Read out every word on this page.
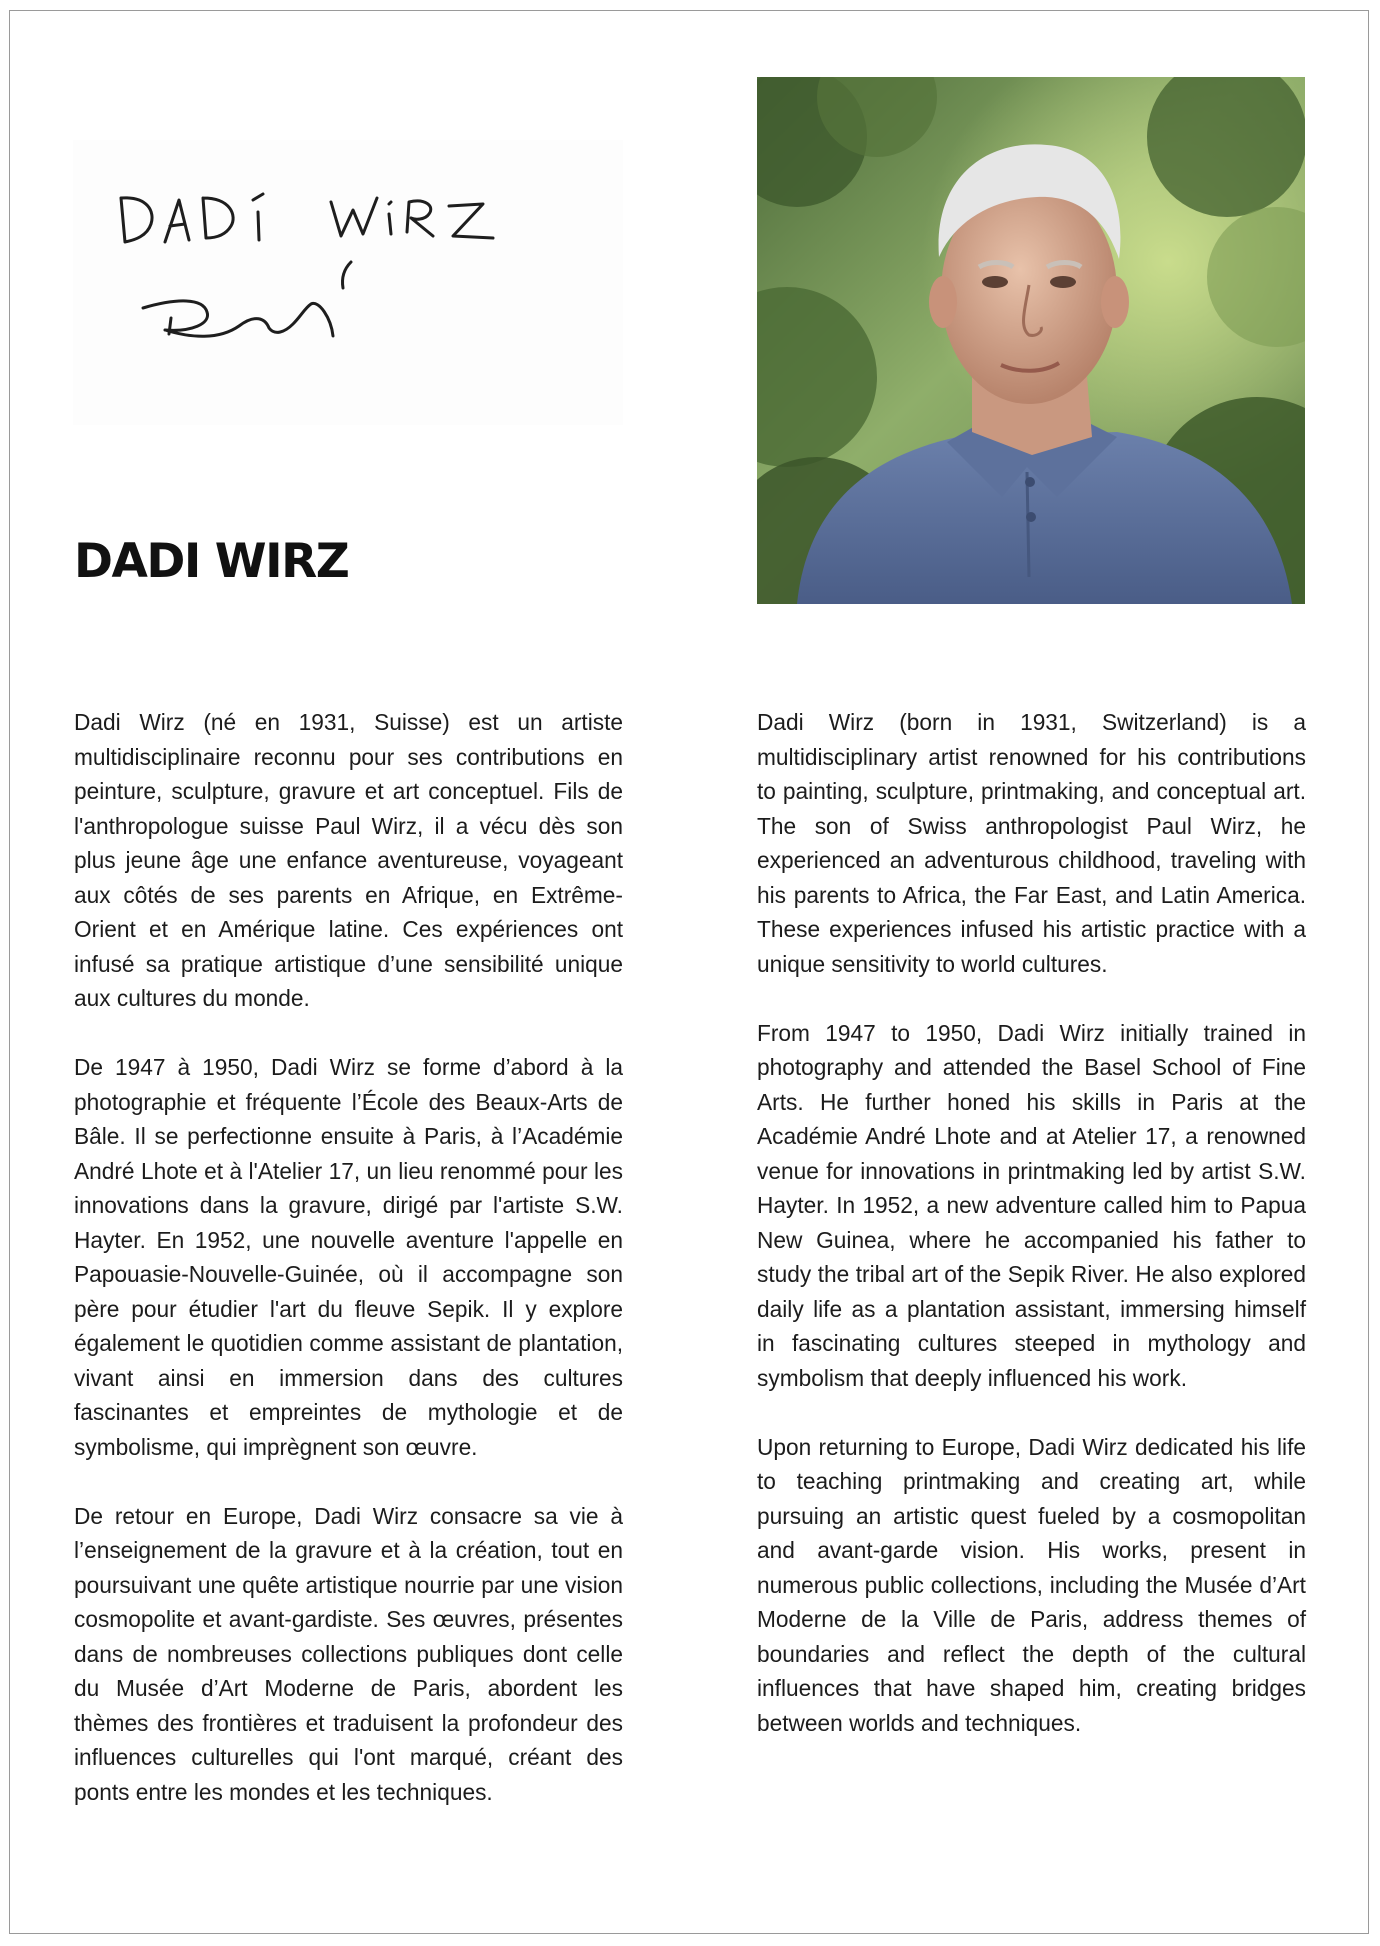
DADI WIRZ

Dadi Wirz (né en 1931, Suisse) est un artiste multidisciplinaire reconnu pour ses contributions en peinture, sculpture, gravure et art conceptuel. Fils de l'anthropologue suisse Paul Wirz, il a vécu dès son plus jeune âge une enfance aventureuse, voyageant aux côtés de ses parents en Afrique, en Extrême-Orient et en Amérique latine. Ces expériences ont infusé sa pratique artistique d’une sensibilité unique aux cultures du monde.

De 1947 à 1950, Dadi Wirz se forme d’abord à la photographie et fréquente l’École des Beaux-Arts de Bâle. Il se perfectionne ensuite à Paris, à l’Académie André Lhote et à l'Atelier 17, un lieu renommé pour les innovations dans la gravure, dirigé par l'artiste S.W. Hayter. En 1952, une nouvelle aventure l'appelle en Papouasie-Nouvelle-Guinée, où il accompagne son père pour étudier l'art du fleuve Sepik. Il y explore également le quotidien comme assistant de plantation, vivant ainsi en immersion dans des cultures fascinantes et empreintes de mythologie et de symbolisme, qui imprègnent son œuvre.

De retour en Europe, Dadi Wirz consacre sa vie à l’enseignement de la gravure et à la création, tout en poursuivant une quête artistique nourrie par une vision cosmopolite et avant-gardiste. Ses œuvres, présentes dans de nombreuses collections publiques dont celle du Musée d’Art Moderne de Paris, abordent les thèmes des frontières et traduisent la profondeur des influences culturelles qui l'ont marqué, créant des ponts entre les mondes et les techniques.

Dadi Wirz (born in 1931, Switzerland) is a multidisciplinary artist renowned for his contributions to painting, sculpture, printmaking, and conceptual art. The son of Swiss anthropologist Paul Wirz, he experienced an adventurous childhood, traveling with his parents to Africa, the Far East, and Latin America. These experiences infused his artistic practice with a unique sensitivity to world cultures.

From 1947 to 1950, Dadi Wirz initially trained in photography and attended the Basel School of Fine Arts. He further honed his skills in Paris at the Académie André Lhote and at Atelier 17, a renowned venue for innovations in printmaking led by artist S.W. Hayter. In 1952, a new adventure called him to Papua New Guinea, where he accompanied his father to study the tribal art of the Sepik River. He also explored daily life as a plantation assistant, immersing himself in fascinating cultures steeped in mythology and symbolism that deeply influenced his work.

Upon returning to Europe, Dadi Wirz dedicated his life to teaching printmaking and creating art, while pursuing an artistic quest fueled by a cosmopolitan and avant-garde vision. His works, present in numerous public collections, including the Musée d’Art Moderne de la Ville de Paris, address themes of boundaries and reflect the depth of the cultural influences that have shaped him, creating bridges between worlds and techniques.
